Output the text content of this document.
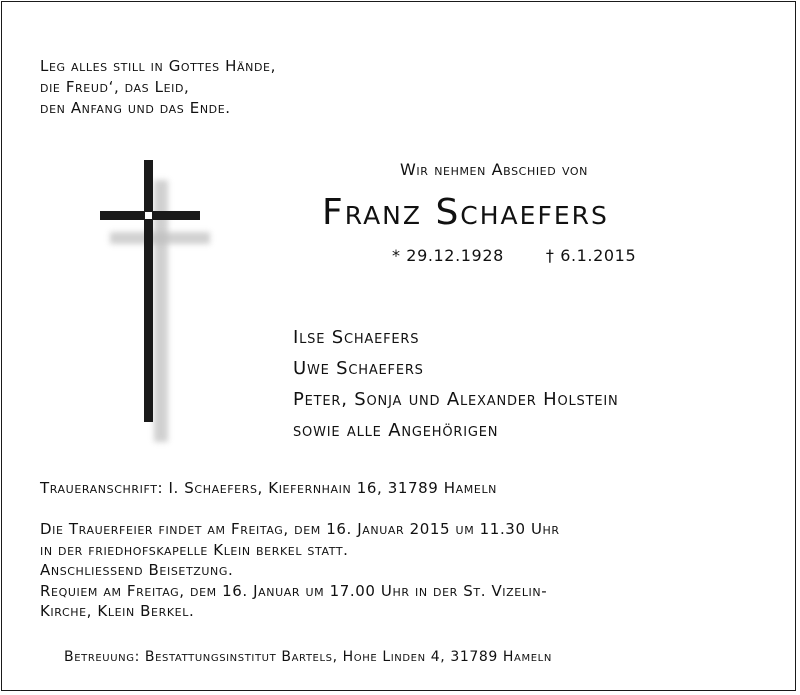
Leg alles still in Gottes Hände,
die Freud‘, das Leid,
den Anfang und das Ende.
Wir nehmen Abschied von
Franz Schaefers
* 29.12.1928	† 6.1.2015
Ilse Schaefers
Uwe Schaefers
Peter, Sonja und Alexander Holstein
sowie alle Angehörigen
Traueranschrift: I. Schaefers, Kiefernhain 16, 31789 Hameln
Die Trauerfeier findet am Freitag, dem 16. Januar 2015 um 11.30 Uhr
in der friedhofskapelle Klein berkel statt.
Anschliessend Beisetzung.
Requiem am Freitag, dem 16. Januar um 17.00 Uhr in der St. Vizelin-
Kirche, Klein Berkel.
Betreuung: Bestattungsinstitut Bartels, Hohe Linden 4, 31789 Hameln
